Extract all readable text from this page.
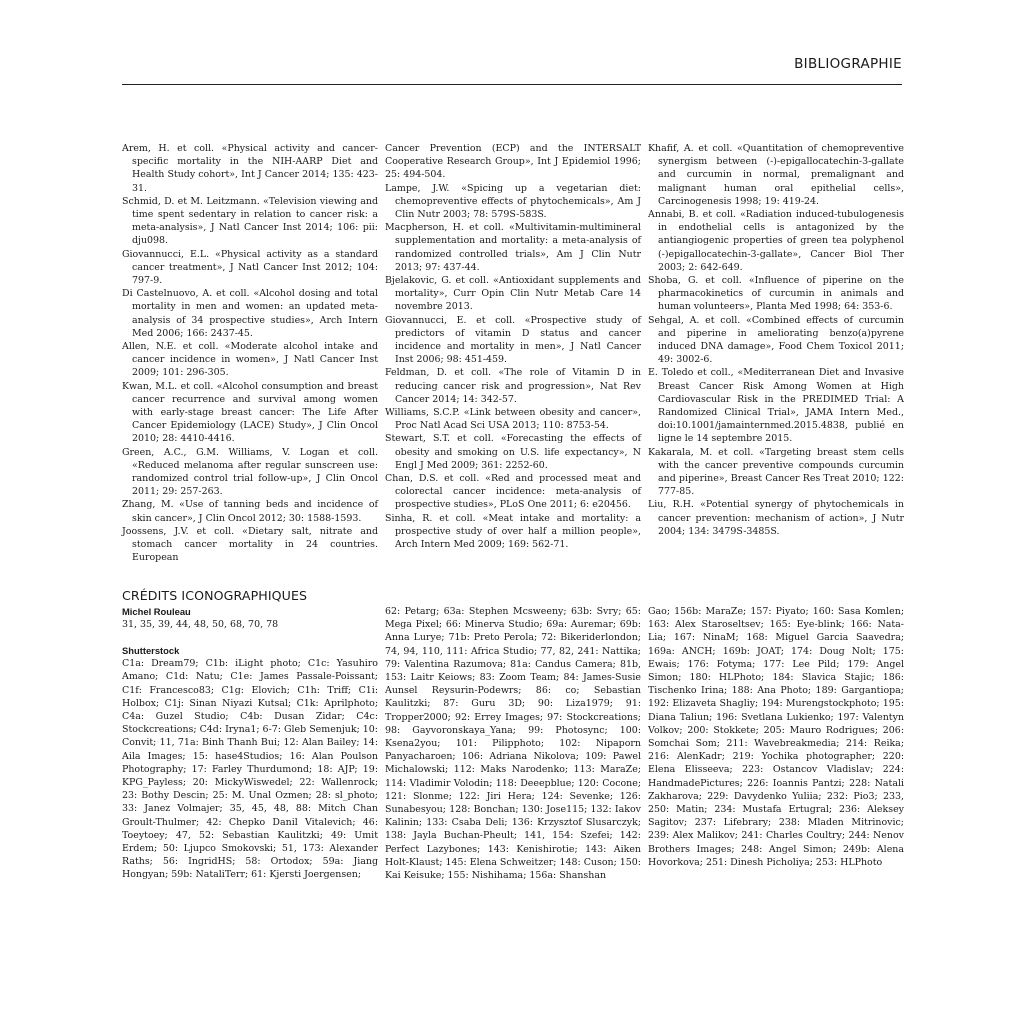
BIBLIOGRAPHIE

Arem, H. et coll. «Physical activity and cancer-specific mortality in the NIH-AARP Diet and Health Study cohort», Int J Cancer 2014; 135: 423-31.

Schmid, D. et M. Leitzmann. «Television viewing and time spent sedentary in relation to cancer risk: a meta-analysis», J Natl Cancer Inst 2014; 106: pii: dju098.

Giovannucci, E.L. «Physical activity as a standard cancer treatment», J Natl Cancer Inst 2012; 104: 797-9.

Di Castelnuovo, A. et coll. «Alcohol dosing and total mortality in men and women: an updated meta-analysis of 34 prospective studies», Arch Intern Med 2006; 166: 2437-45.

Allen, N.E. et coll. «Moderate alcohol intake and cancer incidence in women», J Natl Cancer Inst 2009; 101: 296-305.

Kwan, M.L. et coll. «Alcohol consumption and breast cancer recurrence and survival among women with early-stage breast cancer: The Life After Cancer Epidemiology (LACE) Study», J Clin Oncol 2010; 28: 4410-4416.

Green, A.C., G.M. Williams, V. Logan et coll. «Reduced melanoma after regular sunscreen use: randomized control trial follow-up», J Clin Oncol 2011; 29: 257-263.

Zhang, M. «Use of tanning beds and incidence of skin cancer», J Clin Oncol 2012; 30: 1588-1593.

Joossens, J.V. et coll. «Dietary salt, nitrate and stomach cancer mortality in 24 countries. European

Cancer Prevention (ECP) and the INTERSALT Cooperative Research Group», Int J Epidemiol 1996; 25: 494-504.

Lampe, J.W. «Spicing up a vegetarian diet: chemopreventive effects of phytochemicals», Am J Clin Nutr 2003; 78: 579S-583S.

Macpherson, H. et coll. «Multivitamin-multimineral supplementation and mortality: a meta-analysis of randomized controlled trials», Am J Clin Nutr 2013; 97: 437-44.

Bjelakovic, G. et coll. «Antioxidant supplements and mortality», Curr Opin Clin Nutr Metab Care 14 novembre 2013.

Giovannucci, E. et coll. «Prospective study of predictors of vitamin D status and cancer incidence and mortality in men», J Natl Cancer Inst 2006; 98: 451-459.

Feldman, D. et coll. «The role of Vitamin D in reducing cancer risk and progression», Nat Rev Cancer 2014; 14: 342-57.

Williams, S.C.P. «Link between obesity and cancer», Proc Natl Acad Sci USA 2013; 110: 8753-54.

Stewart, S.T. et coll. «Forecasting the effects of obesity and smoking on U.S. life expectancy», N Engl J Med 2009; 361: 2252-60.

Chan, D.S. et coll. «Red and processed meat and colorectal cancer incidence: meta-analysis of prospective studies», PLoS One 2011; 6: e20456.

Sinha, R. et coll. «Meat intake and mortality: a prospective study of over half a million people», Arch Intern Med 2009; 169: 562-71.

Khafif, A. et coll. «Quantitation of chemopreventive synergism between (-)-epigallocatechin-3-gallate and curcumin in normal, premalignant and malignant human oral epithelial cells», Carcinogenesis 1998; 19: 419-24.

Annabi, B. et coll. «Radiation induced-tubulogenesis in endothelial cells is antagonized by the antiangiogenic properties of green tea polyphenol (-)epigallocatechin-3-gallate», Cancer Biol Ther 2003; 2: 642-649.

Shoba, G. et coll. «Influence of piperine on the pharmacokinetics of curcumin in animals and human volunteers», Planta Med 1998; 64: 353-6.

Sehgal, A. et coll. «Combined effects of curcumin and piperine in ameliorating benzo(a)pyrene induced DNA damage», Food Chem Toxicol 2011; 49: 3002-6.

E. Toledo et coll., «Mediterranean Diet and Invasive Breast Cancer Risk Among Women at High Cardiovascular Risk in the PREDIMED Trial: A Randomized Clinical Trial», JAMA Intern Med., doi:10.1001/jamainternmed.2015.4838, publié en ligne le 14 septembre 2015.

Kakarala, M. et coll. «Targeting breast stem cells with the cancer preventive compounds curcumin and piperine», Breast Cancer Res Treat 2010; 122: 777-85.

Liu, R.H. «Potential synergy of phytochemicals in cancer prevention: mechanism of action», J Nutr 2004; 134: 3479S-3485S.

CRÉDITS ICONOGRAPHIQUES

Michel Rouleau

31, 35, 39, 44, 48, 50, 68, 70, 78

Shutterstock

C1a: Dream79; C1b: iLight photo; C1c: Yasuhiro Amano; C1d: Natu; C1e: James Passale-Poissant; C1f: Francesco83; C1g: Elovich; C1h: Triff; C1i: Holbox; C1j: Sinan Niyazi Kutsal; C1k: Aprilphoto; C4a: Guzel Studio; C4b: Dusan Zidar; C4c: Stockcreations; C4d: Iryna1; 6-7: Gleb Semenjuk; 10: Convit; 11, 71a: Binh Thanh Bui; 12: Alan Bailey; 14: Aila Images; 15: hase4Studios; 16: Alan Poulson Photography; 17: Farley Thurdumond; 18: AJP; 19: KPG_Payless; 20: MickyWiswedel; 22: Wallenrock; 23: Bothy Descin; 25: M. Unal Ozmen; 28: sl_photo; 33: Janez Volmajer; 35, 45, 48, 88: Mitch Chan Groult-Thulmer; 42: Chepko Danil Vitalevich; 46: Toeytoey; 47, 52: Sebastian Kaulitzki; 49: Umit Erdem; 50: Ljupco Smokovski; 51, 173: Alexander Raths; 56: IngridHS; 58: Ortodox; 59a: Jiang Hongyan; 59b: NataliTerr; 61: Kjersti Joergensen;

62: Petarg; 63a: Stephen Mcsweeny; 63b: Svry; 65: Mega Pixel; 66: Minerva Studio; 69a: Auremar; 69b: Anna Lurye; 71b: Preto Perola; 72: Bikeriderlondon; 74, 94, 110, 111: Africa Studio; 77, 82, 241: Nattika; 79: Valentina Razumova; 81a: Candus Camera; 81b, 153: Laitr Keiows; 83: Zoom Team; 84: James-Susie Aunsel Reysurin-Podewrs; 86: co; Sebastian Kaulitzki; 87: Guru 3D; 90: Liza1979; 91: Tropper2000; 92: Errey Images; 97: Stockcreations; 98: Gayvoronskaya_Yana; 99: Photosync; 100: Ksena2you; 101: Pilipphoto; 102: Nipaporn Panyacharoen; 106: Adriana Nikolova; 109: Pawel Michalowski; 112: Maks Narodenko; 113: MaraZe; 114: Vladimir Volodin; 118: Deeepblue; 120: Cocone; 121: Slonme; 122: Jiri Hera; 124: Sevenke; 126: Sunabesyou; 128: Bonchan; 130: Jose115; 132: Iakov Kalinin; 133: Csaba Deli; 136: Krzysztof Slusarczyk; 138: Jayla Buchan-Pheult; 141, 154: Szefei; 142: Perfect Lazybones; 143: Kenishirotie; 143: Aiken Holt-Klaust; 145: Elena Schweitzer; 148: Cuson; 150: Kai Keisuke; 155: Nishihama; 156a: Shanshan

Gao; 156b: MaraZe; 157: Piyato; 160: Sasa Komlen; 163: Alex Staroseltsev; 165: Eye-blink; 166: Nata-Lia; 167: NinaM; 168: Miguel Garcia Saavedra; 169a: ANCH; 169b: JOAT; 174: Doug Nolt; 175: Ewais; 176: Fotyma; 177: Lee Pild; 179: Angel Simon; 180: HLPhoto; 184: Slavica Stajic; 186: Tischenko Irina; 188: Ana Photo; 189: Gargantiopa; 192: Elizaveta Shagliy; 194: Murengstockphoto; 195: Diana Taliun; 196: Svetlana Lukienko; 197: Valentyn Volkov; 200: Stokkete; 205: Mauro Rodrigues; 206: Somchai Som; 211: Wavebreakmedia; 214: Reika; 216: AlenKadr; 219: Yochika photographer; 220: Elena Elisseeva; 223: Ostancov Vladislav; 224: HandmadePictures; 226: Ioannis Pantzi; 228: Natali Zakharova; 229: Davydenko Yuliia; 232: Pio3; 233, 250: Matin; 234: Mustafa Ertugral; 236: Aleksey Sagitov; 237: Lifebrary; 238: Mladen Mitrinovic; 239: Alex Malikov; 241: Charles Coultry; 244: Nenov Brothers Images; 248: Angel Simon; 249b: Alena Hovorkova; 251: Dinesh Picholiya; 253: HLPhoto
